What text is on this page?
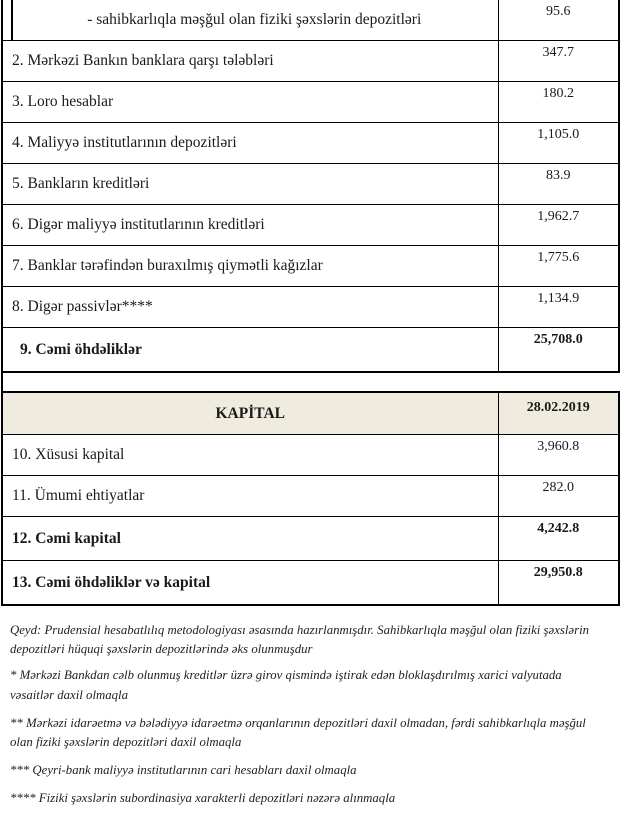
- sahibkarlıqla məşğul olan fiziki şəxslərin depozitləri	95.6
2. Mərkəzi Bankın banklara qarşı tələbləri	347.7
3. Loro hesablar	180.2
4. Maliyyə institutlarının depozitləri	1,105.0
5. Bankların kreditləri	83.9
6. Digər maliyyə institutlarının kreditləri	1,962.7
7. Banklar tərəfindən buraxılmış qiymətli kağızlar	1,775.6
8. Digər passivlər****	1,134.9
9. Cəmi öhdəliklər	25,708.0
KAPİTAL	28.02.2019
10. Xüsusi kapital	3,960.8
11. Ümumi ehtiyatlar	282.0
12. Cəmi kapital	4,242.8
13. Cəmi öhdəliklər və kapital	29,950.8

Qeyd: Prudensial hesabatlılıq metodologiyası əsasında hazırlanmışdır. Sahibkarlıqla məşğul olan fiziki şəxslərin depozitləri hüquqi şəxslərin depozitlərində əks olunmuşdur

* Mərkəzi Bankdan cəlb olunmuş kreditlər üzrə girov qismində iştirak edən bloklaşdırılmış xarici valyutada vəsaitlər daxil olmaqla

** Mərkəzi idarəetmə və bələdiyyə idarəetmə orqanlarının depozitləri daxil olmadan, fərdi sahibkarlıqla məşğul olan fiziki şəxslərin depozitləri daxil olmaqla

*** Qeyri-bank maliyyə institutlarının cari hesabları daxil olmaqla

**** Fiziki şəxslərin subordinasiya xarakterli depozitləri nəzərə alınmaqla
